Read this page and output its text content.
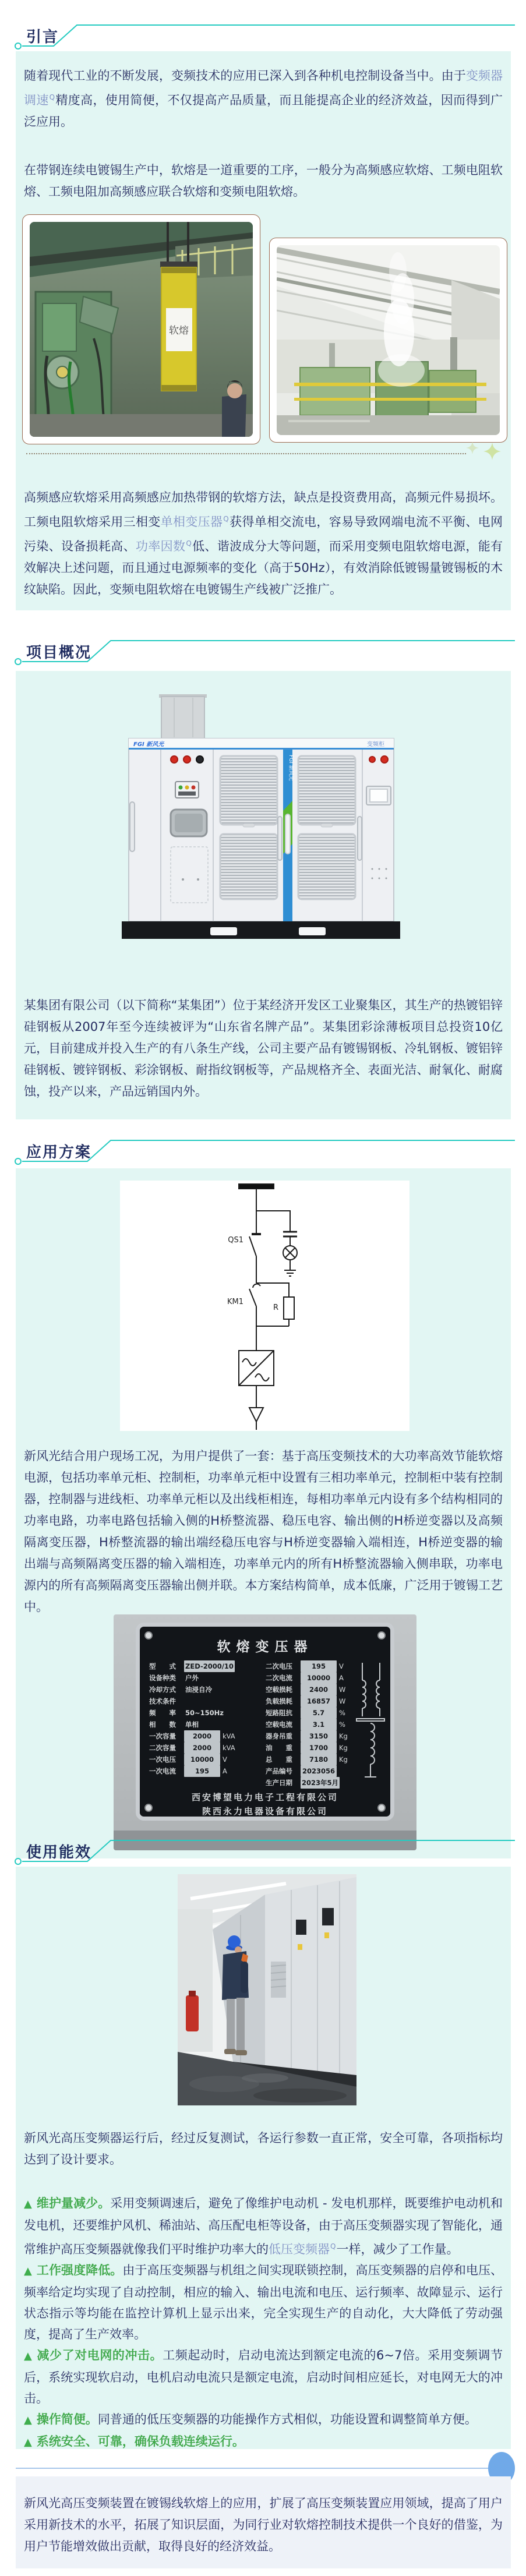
引言

随着现代工业的不断发展，变频技术的应用已深入到各种机电控制设备当中。由于变频器调速$^Q$精度高，使用简便，不仅提高产品质量，而且能提高企业的经济效益，因而得到广泛应用。

在带钢连续电镀锡生产中，软熔是一道重要的工序，一般分为高频感应软熔、工频电阻软熔、工频电阻加高频感应联合软熔和变频电阻软熔。

软熔

高频感应软熔采用高频感应加热带钢的软熔方法，缺点是投资费用高，高频元件易损坏。工频电阻软熔采用三相变单相变压器$^Q$获得单相交流电，容易导致网端电流不平衡、电网污染、设备损耗高、功率因数$^Q$低、谐波成分大等问题，而采用变频电阻软熔电源，能有效解决上述问题，而且通过电源频率的变化（高于50Hz），有效消除低镀锡量镀锡板的木纹缺陷。因此，变频电阻软熔在电镀锡生产线被广泛推广。

项目概况
FGI 新风光	变频柜
FGI 新风光

某集团有限公司（以下简称“某集团”）位于某经济开发区工业聚集区，其生产的热镀铝锌硅钢板从2007年至今连续被评为“山东省名牌产品”。某集团彩涂薄板项目总投资10亿元，目前建成并投入生产的有八条生产线，公司主要产品有镀锡钢板、冷轧钢板、镀铝锌硅钢板、镀锌钢板、彩涂钢板、耐指纹钢板等，产品规格齐全、表面光洁、耐氧化、耐腐蚀，投产以来，产品远销国内外。

应用方案
QS1
KM1
R

新风光结合用户现场工况，为用户提供了一套：基于高压变频技术的大功率高效节能软熔电源，包括功率单元柜、控制柜，功率单元柜中设置有三相功率单元，控制柜中装有控制器，控制器与进线柜、功率单元柜以及出线柜相连，每相功率单元内设有多个结构相同的功率电路，功率电路包括输入侧的H桥整流器、稳压电容、输出侧的H桥逆变器以及高频隔离变压器，H桥整流器的输出端经稳压电容与H桥逆变器输入端相连，H桥逆变器的输出端与高频隔离变压器的输入端相连，功率单元内的所有H桥整流器输入侧串联，功率电源内的所有高频隔离变压器输出侧并联。本方案结构简单，成本低廉，广泛用于镀锡工艺中。

软熔变压器
型　　式 ZED-2000/10
设备种类 户外
冷却方式 油浸自冷
技术条件
频　　率 50~150Hz
相　　数 单相
一次容量	2000 kVA
二次容量	2000 kVA
一次电压 10000 V
一次电流	195 A
二次电压	195 V
二次电流 10000 A
空载损耗	2400 W
负载损耗 16857 W
短路阻抗	5.7 %
空载电流	3.1 %
器身吊重	3150 Kg
油　　重	1700 Kg
总　　重	7180 Kg
产品编号 2023056
生产日期 2023年5月
西安博望电力电子工程有限公司
陕西永力电器设备有限公司
使用能效

新风光高压变频器运行后，经过反复测试，各运行参数一直正常，安全可靠，各项指标均达到了设计要求。

▲ 维护量减少。采用变频调速后，避免了像维护电动机 - 发电机那样，既要维护电动机和发电机，还要维护风机、稀油站、高压配电柜等设备，由于高压变频器实现了智能化，通常维护高压变频器就像我们平时维护功率大的低压变频器$^Q$一样，减少了工作量。

▲ 工作强度降低。由于高压变频器与机组之间实现联锁控制，高压变频器的启停和电压、频率给定均实现了自动控制，相应的输入、输出电流和电压、运行频率、故障显示、运行状态指示等均能在监控计算机上显示出来，完全实现生产的自动化，大大降低了劳动强度，提高了生产效率。

▲ 减少了对电网的冲击。工频起动时，启动电流达到额定电流的6~7倍。采用变频调节后，系统实现软启动，电机启动电流只是额定电流，启动时间相应延长，对电网无大的冲击。

▲ 操作简便。同普通的低压变频器的功能操作方式相似，功能设置和调整简单方便。

▲ 系统安全、可靠，确保负载连续运行。

新风光高压变频装置在镀锡线软熔上的应用，扩展了高压变频装置应用领域，提高了用户采用新技术的水平，拓展了知识层面，为同行业对软熔控制技术提供一个良好的借鉴，为用户节能增效做出贡献，取得良好的经济效益。
